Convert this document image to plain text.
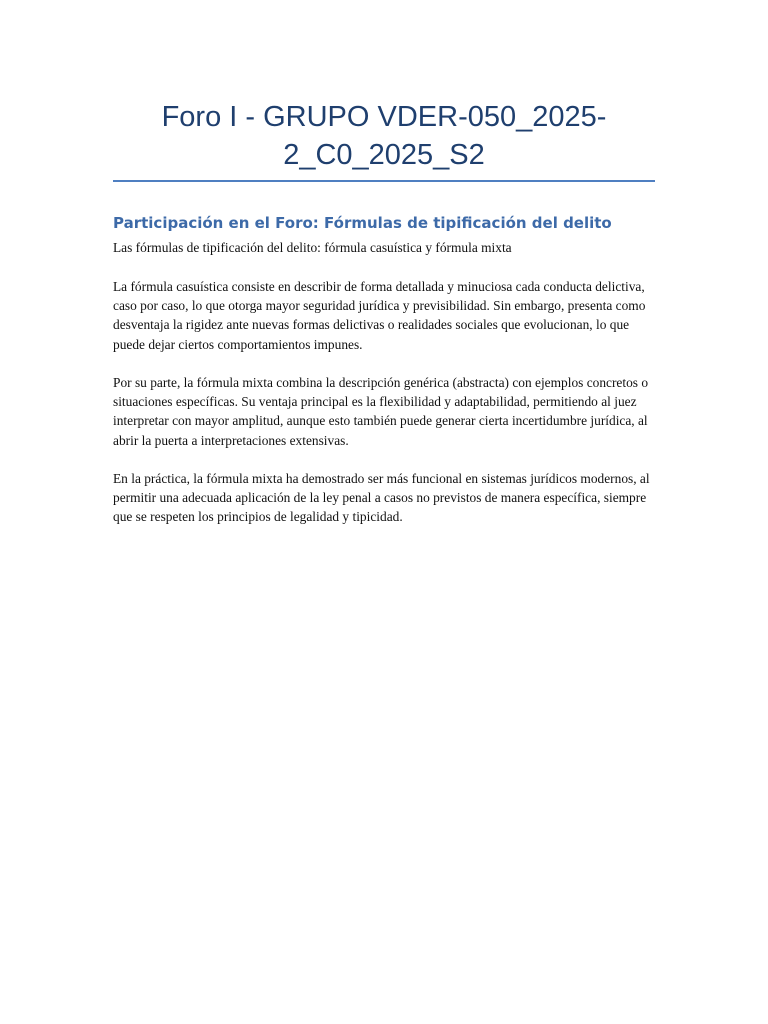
Foro I - GRUPO VDER-050_2025-2_C0_2025_S2
Participación en el Foro: Fórmulas de tipificación del delito

Las fórmulas de tipificación del delito: fórmula casuística y fórmula mixta

La fórmula casuística consiste en describir de forma detallada y minuciosa cada conducta delictiva, caso por caso, lo que otorga mayor seguridad jurídica y previsibilidad. Sin embargo, presenta como desventaja la rigidez ante nuevas formas delictivas o realidades sociales que evolucionan, lo que puede dejar ciertos comportamientos impunes.

Por su parte, la fórmula mixta combina la descripción genérica (abstracta) con ejemplos concretos o situaciones específicas. Su ventaja principal es la flexibilidad y adaptabilidad, permitiendo al juez interpretar con mayor amplitud, aunque esto también puede generar cierta incertidumbre jurídica, al abrir la puerta a interpretaciones extensivas.

En la práctica, la fórmula mixta ha demostrado ser más funcional en sistemas jurídicos modernos, al permitir una adecuada aplicación de la ley penal a casos no previstos de manera específica, siempre que se respeten los principios de legalidad y tipicidad.
